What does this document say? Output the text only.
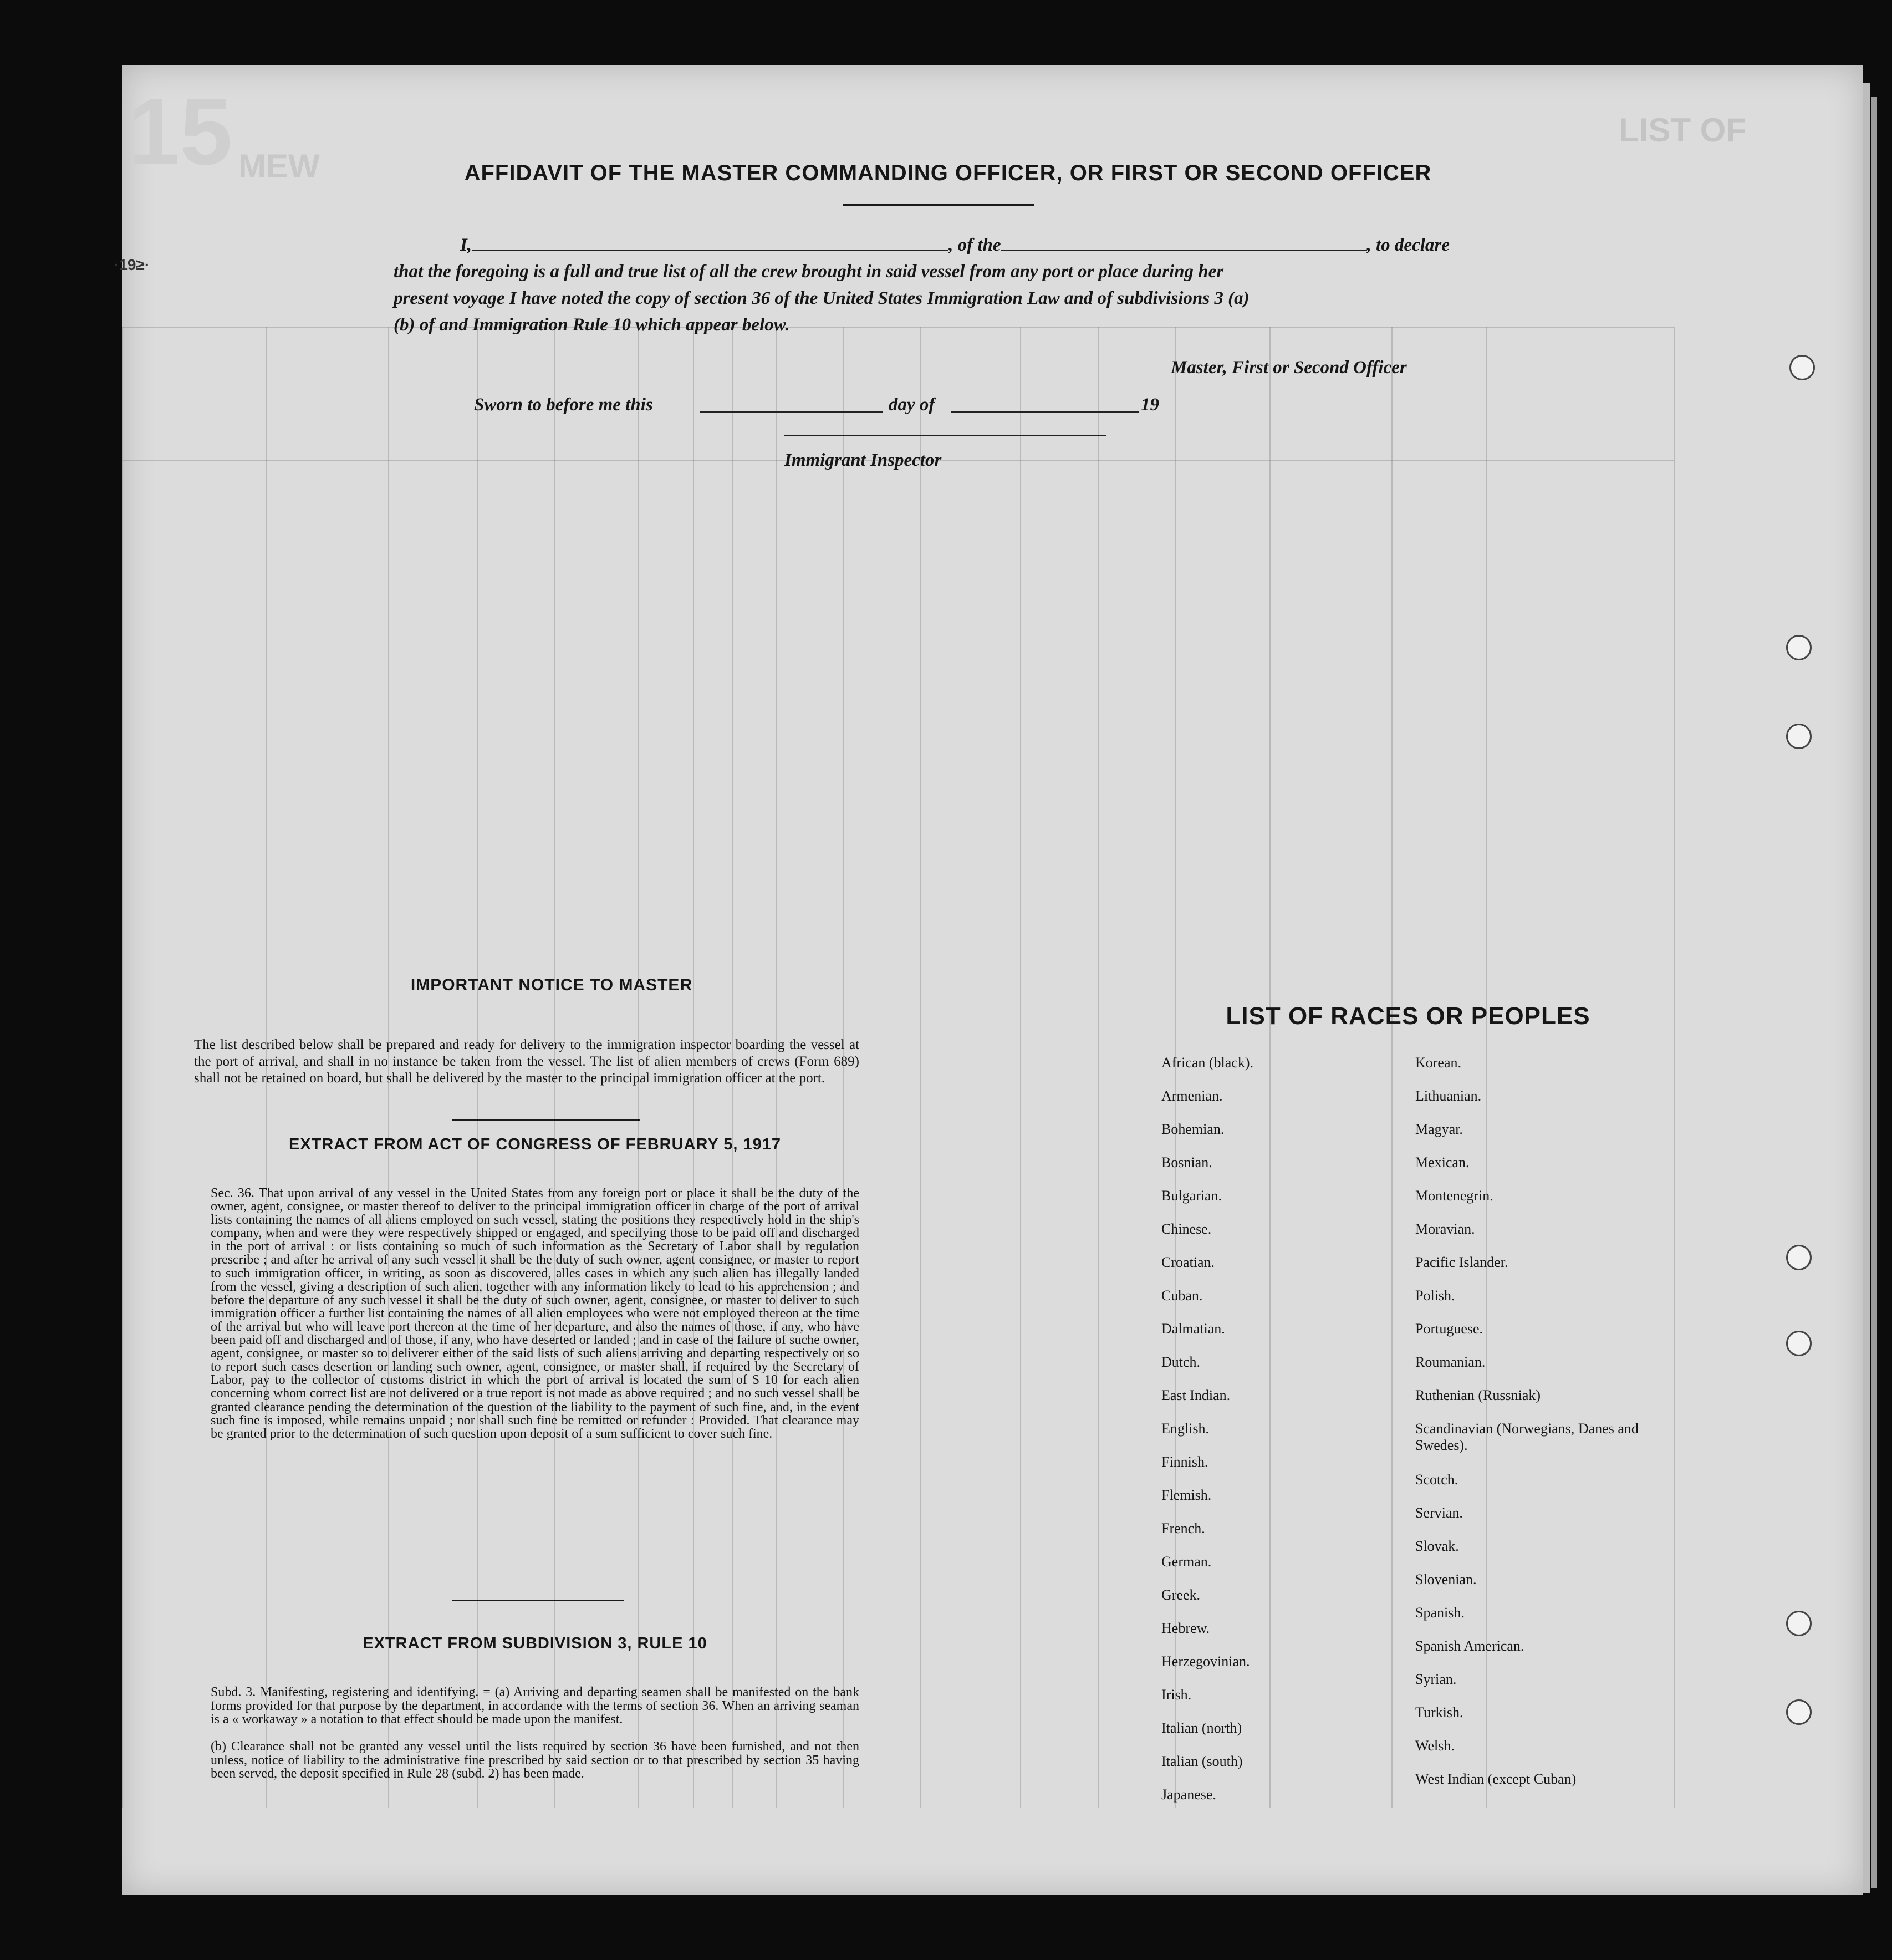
15 MEW
LIST OF
·19≥·
AFFIDAVIT OF THE MASTER COMMANDING OFFICER, OR FIRST OR SECOND OFFICER
I,	, of the	, to declare
that the foregoing is a full and true list of all the crew brought in said vessel from any port or place during her
present voyage I have noted the copy of section 36 of the United States Immigration Law and of subdivisions 3 (a)
(b) of and Immigration Rule 10 which appear below.
Master, First or Second Officer
Sworn to before me this	day of	19
Immigrant Inspector
IMPORTANT NOTICE TO MASTER
The list described below shall be prepared and ready for delivery to the immigration inspector boarding the vessel at the port of arrival, and shall in no instance be taken from the vessel. The list of alien members of crews (Form 689) shall not be retained on board, but shall be delivered by the master to the principal immigration officer at the port.
EXTRACT FROM ACT OF CONGRESS OF FEBRUARY 5, 1917
Sec. 36. That upon arrival of any vessel in the United States from any foreign port or place it shall be the duty of the owner, agent, consignee, or master thereof to deliver to the principal immigration officer in charge of the port of arrival lists containing the names of all aliens employed on such vessel, stating the positions they respectively hold in the ship's company, when and were they were respectively shipped or engaged, and specifying those to be paid off and discharged in the port of arrival : or lists containing so much of such information as the Secretary of Labor shall by regulation prescribe ; and after he arrival of any such vessel it shall be the duty of such owner, agent consignee, or master to report to such immigration officer, in writing, as soon as discovered, alles cases in which any such alien has illegally landed from the vessel, giving a description of such alien, together with any information likely to lead to his apprehension ; and before the departure of any such vessel it shall be the duty of such owner, agent, consignee, or master to deliver to such immigration officer a further list containing the names of all alien employees who were not employed thereon at the time of the arrival but who will leave port thereon at the time of her departure, and also the names of those, if any, who have been paid off and discharged and of those, if any, who have deserted or landed ; and in case of the failure of suche owner, agent, consignee, or master so to deliverer either of the said lists of such aliens arriving and departing respectively or so to report such cases desertion or landing such owner, agent, consignee, or master shall, if required by the Secretary of Labor, pay to the collector of customs district in which the port of arrival is located the sum of $ 10 for each alien concerning whom correct list are not delivered or a true report is not made as above required ; and no such vessel shall be granted clearance pending the determination of the question of the liability to the payment of such fine, and, in the event such fine is imposed, while remains unpaid ; nor shall such fine be remitted or refunder : Provided. That clearance may be granted prior to the determination of such question upon deposit of a sum sufficient to cover such fine.
EXTRACT FROM SUBDIVISION 3, RULE 10
Subd. 3. Manifesting, registering and identifying. = (a) Arriving and departing seamen shall be manifested on the bank forms provided for that purpose by the department, in accordance with the terms of section 36. When an arriving seaman is a « workaway » a notation to that effect should be made upon the manifest.
(b) Clearance shall not be granted any vessel until the lists required by section 36 have been furnished, and not then unless, notice of liability to the administrative fine prescribed by said section or to that prescribed by section 35 having been served, the deposit specified in Rule 28 (subd. 2) has been made.
LIST OF RACES OR PEOPLES
African (black).
Armenian.
Bohemian.
Bosnian.
Bulgarian.
Chinese.
Croatian.
Cuban.
Dalmatian.
Dutch.
East Indian.
English.
Finnish.
Flemish.
French.
German.
Greek.
Hebrew.
Herzegovinian.
Irish.
Italian (north)
Italian (south)
Japanese.
Korean.
Lithuanian.
Magyar.
Mexican.
Montenegrin.
Moravian.
Pacific Islander.
Polish.
Portuguese.
Roumanian.
Ruthenian (Russniak)
Scandinavian (Norwegians, Danes and Swedes).
Scotch.
Servian.
Slovak.
Slovenian.
Spanish.
Spanish American.
Syrian.
Turkish.
Welsh.
West Indian (except Cuban)
